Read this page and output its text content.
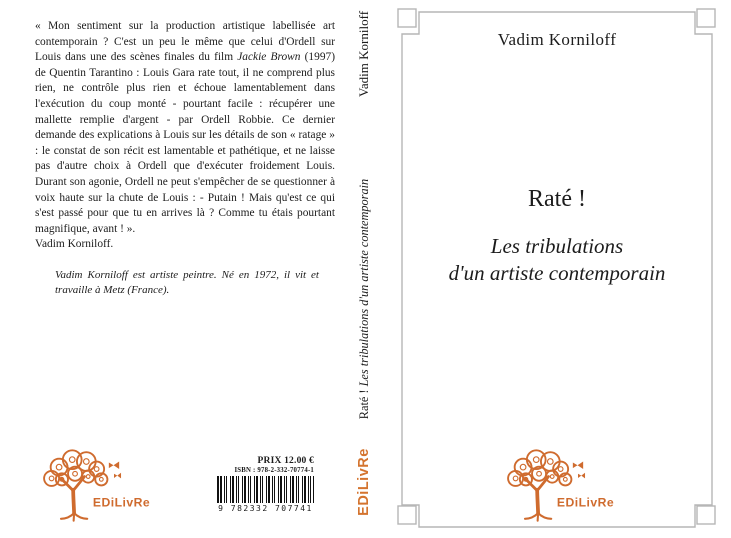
« Mon sentiment sur la production artistique labellisée art contemporain ? C'est un peu le même que celui d'Ordell sur Louis dans une des scènes finales du film Jackie Brown (1997) de Quentin Tarantino : Louis Gara rate tout, il ne comprend plus rien, ne contrôle plus rien et échoue lamentablement dans l'exécution du coup monté - pourtant facile : récupérer une mallette remplie d'argent - par Ordell Robbie. Ce dernier demande des explications à Louis sur les détails de son « ratage » : le constat de son récit est lamentable et pathétique, et ne laisse pas d'autre choix à Ordell que d'exécuter froidement Louis. Durant son agonie, Ordell ne peut s'empêcher de se questionner à voix haute sur la chute de Louis : - Putain ! Mais qu'est ce qui s'est passé pour que tu en arrives là ? Comme tu étais pourtant magnifique, avant ! ».

Vadim Korniloff.
Vadim Korniloff est artiste peintre. Né en 1972, il vit et travaille à Metz (France).
EDiLivRe
PRIX 12.00 €
ISBN : 978-2-332-70774-1
9 782332 707741
Vadim Korniloff
Raté ! Les tribulations d'un artiste contemporain
EDiLivRe
Vadim Korniloff
Raté !
Les tribulations
d'un artiste contemporain
EDiLivRe
